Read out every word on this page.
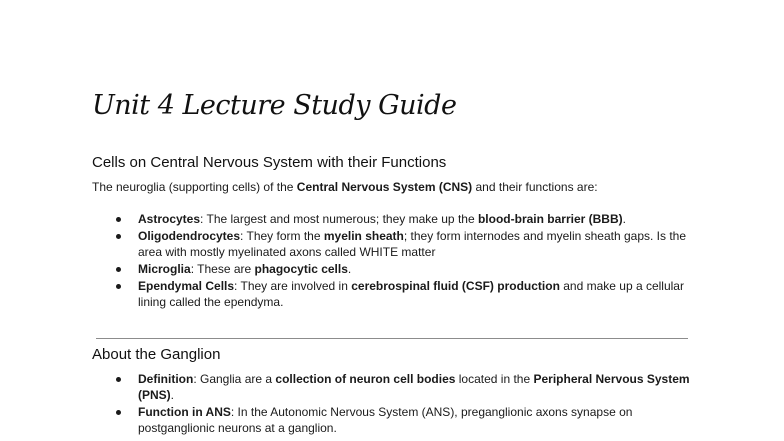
Unit 4 Lecture Study Guide
Cells on Central Nervous System with their Functions
The neuroglia (supporting cells) of the Central Nervous System (CNS) and their functions are:
Astrocytes: The largest and most numerous; they make up the blood-brain barrier (BBB).
Oligodendrocytes: They form the myelin sheath; they form internodes and myelin sheath gaps. Is the area with mostly myelinated axons called WHITE matter
Microglia: These are phagocytic cells.
Ependymal Cells: They are involved in cerebrospinal fluid (CSF) production and make up a cellular lining called the ependyma.
About the Ganglion
Definition: Ganglia are a collection of neuron cell bodies located in the Peripheral Nervous System (PNS).
Function in ANS: In the Autonomic Nervous System (ANS), preganglionic axons synapse on postganglionic neurons at a ganglion.
